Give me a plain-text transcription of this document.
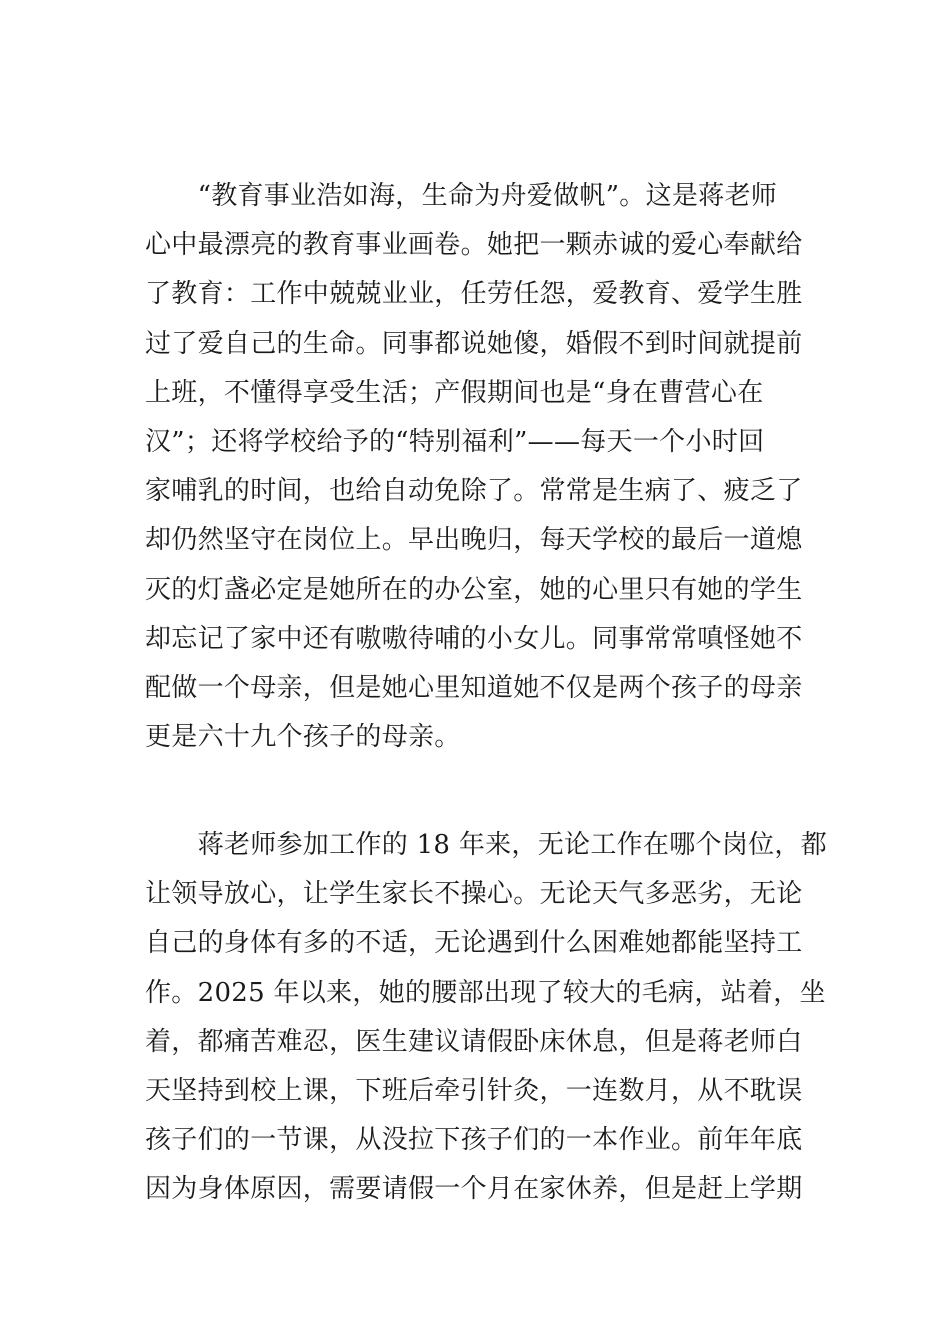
　　“教育事业浩如海，生命为舟爱做帆”。这是蒋老师
心中最漂亮的教育事业画卷。她把一颗赤诚的爱心奉献给
了教育：工作中兢兢业业，任劳任怨，爱教育、爱学生胜
过了爱自己的生命。同事都说她傻，婚假不到时间就提前
上班，不懂得享受生活；产假期间也是“身在曹营心在
汉”；还将学校给予的“特别福利”——每天一个小时回
家哺乳的时间，也给自动免除了。常常是生病了、疲乏了
却仍然坚守在岗位上。早出晚归，每天学校的最后一道熄
灭的灯盏必定是她所在的办公室，她的心里只有她的学生
却忘记了家中还有嗷嗷待哺的小女儿。同事常常嗔怪她不
配做一个母亲，但是她心里知道她不仅是两个孩子的母亲
更是六十九个孩子的母亲。

　　蒋老师参加工作的 18 年来，无论工作在哪个岗位，都
让领导放心，让学生家长不操心。无论天气多恶劣，无论
自己的身体有多的不适，无论遇到什么困难她都能坚持工
作。2025 年以来，她的腰部出现了较大的毛病，站着，坐
着，都痛苦难忍，医生建议请假卧床休息，但是蒋老师白
天坚持到校上课，下班后牵引针灸，一连数月，从不耽误
孩子们的一节课，从没拉下孩子们的一本作业。前年年底
因为身体原因，需要请假一个月在家休养，但是赶上学期
